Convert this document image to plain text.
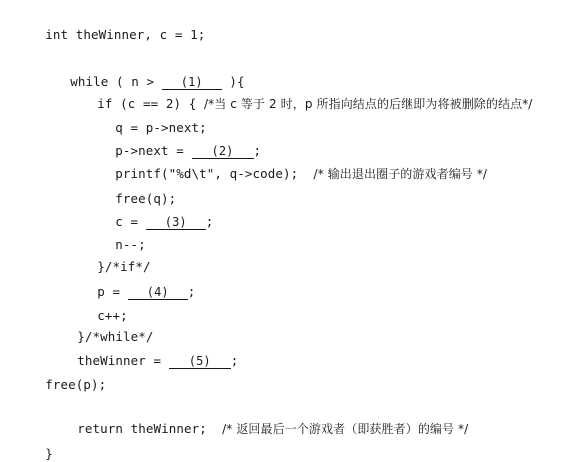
int theWinner, c = 1;

while ( n > (1) ){

if (c == 2) { /*当 c 等于 2 时，p 所指向结点的后继即为将被删除的结点*/

q = p->next;

p->next = (2) ;

printf("%d\t", q->code);  /* 输出退出圈子的游戏者编号 */

free(q);

c = (3) ;

n--;

}/*if*/

p = (4) ;

c++;

}/*while*/

theWinner = (5) ;

free(p);

return theWinner;  /* 返回最后一个游戏者（即获胜者）的编号 */

}
